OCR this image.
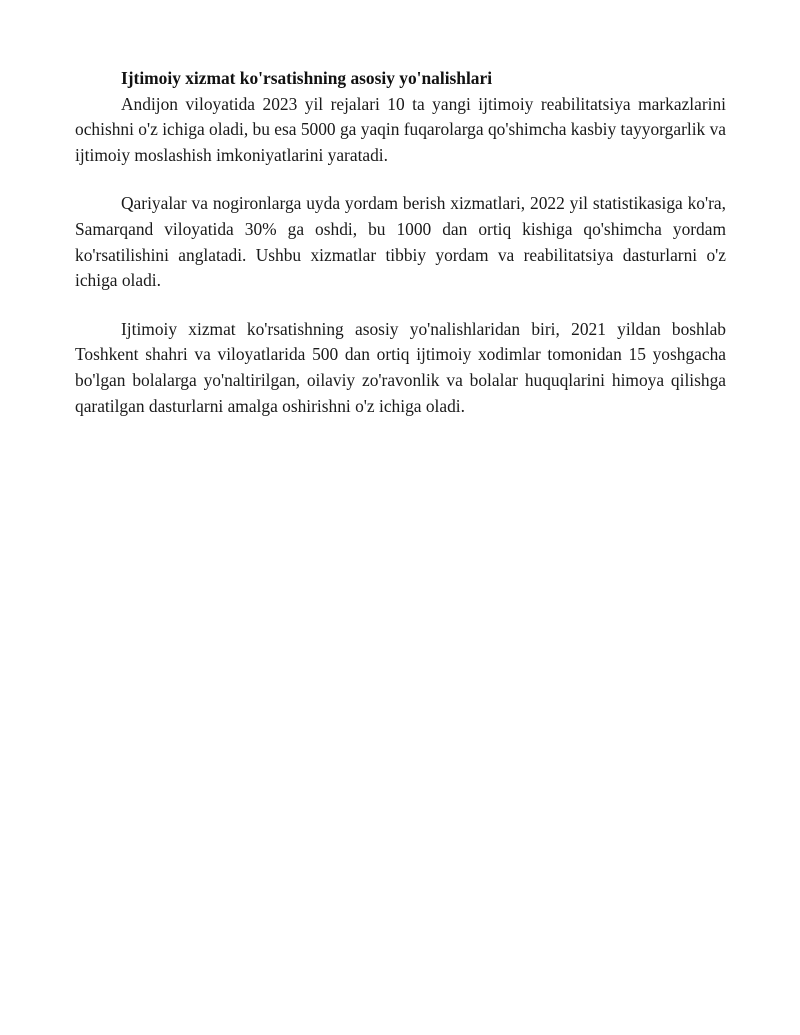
Ijtimoiy xizmat ko'rsatishning asosiy yo'nalishlari

Andijon viloyatida 2023 yil rejalari 10 ta yangi ijtimoiy reabilitatsiya markazlarini ochishni o'z ichiga oladi, bu esa 5000 ga yaqin fuqarolarga qo'shimcha kasbiy tayyorgarlik va ijtimoiy moslashish imkoniyatlarini yaratadi.

Qariyalar va nogironlarga uyda yordam berish xizmatlari, 2022 yil statistikasiga ko'ra, Samarqand viloyatida 30% ga oshdi, bu 1000 dan ortiq kishiga qo'shimcha yordam ko'rsatilishini anglatadi. Ushbu xizmatlar tibbiy yordam va reabilitatsiya dasturlarni o'z ichiga oladi.

Ijtimoiy xizmat ko'rsatishning asosiy yo'nalishlaridan biri, 2021 yildan boshlab Toshkent shahri va viloyatlarida 500 dan ortiq ijtimoiy xodimlar tomonidan 15 yoshgacha bo'lgan bolalarga yo'naltirilgan, oilaviy zo'ravonlik va bolalar huquqlarini himoya qilishga qaratilgan dasturlarni amalga oshirishni o'z ichiga oladi.
